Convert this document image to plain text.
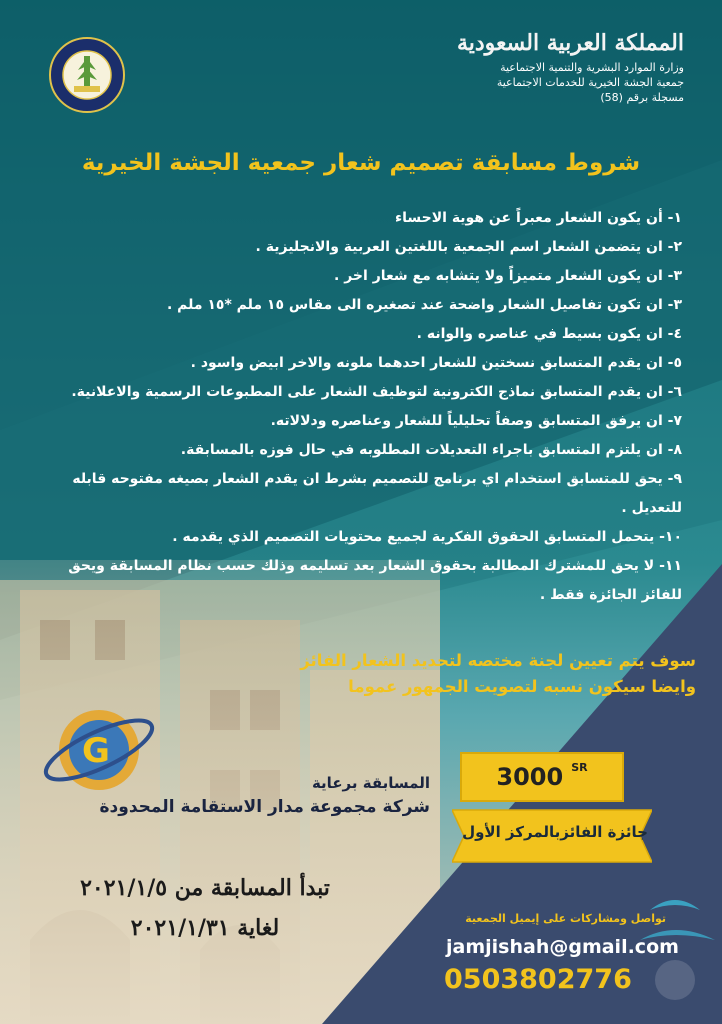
المملكة العربية السعودية
وزارة الموارد البشرية والتنمية الاجتماعية
جمعية الجشة الخيرية للخدمات الاجتماعية
مسجلة برقم (58)
شروط مسابقة تصميم شعار جمعية الجشة الخيرية
١- أن يكون الشعار معبراً عن هوية الاحساء
٢- ان يتضمن الشعار اسم الجمعية باللغتين العربية والانجليزية .
٣- ان يكون الشعار متميزاً ولا يتشابه مع شعار اخر .
٣- ان تكون تفاصيل الشعار واضحة عند تصغيره الى مقاس ١٥ ملم *١٥ ملم .
٤- ان يكون بسيط في عناصره والوانه .
٥- ان يقدم المتسابق نسختين للشعار احدهما ملونه والاخر ابيض واسود .
٦- ان يقدم المتسابق نماذج الكترونية لتوظيف الشعار على المطبوعات الرسمية والاعلانية.
٧- ان يرفق المتسابق وصفاً تحليلياً للشعار وعناصره ودلالاته.
٨- ان يلتزم المتسابق باجراء التعديلات المطلوبه في حال فوزه بالمسابقة.
٩- يحق للمتسابق استخدام اي برنامج للتصميم بشرط ان يقدم الشعار بصيغه مفتوحه قابله للتعديل .
١٠- يتحمل المتسابق الحقوق الفكرية لجميع محتويات التصميم الذي يقدمه .
١١- لا يحق للمشترك المطالبة بحقوق الشعار بعد تسليمه وذلك حسب نظام المسابقة ويحق للفائز الجائزة فقط .
سوف يتم تعيين لجنة مختصه لتحديد الشعار الفائز
وايضا سيكون نسبه لتصويت الجمهور عموما
3000 SR
جائزة الفائزبالمركز الأول
G
المسابقة برعاية
شركة مجموعة مدار الاستقامة المحدودة
تبدأ المسابقة من ٢٠٢١/١/٥
لغاية ٢٠٢١/١/٣١	تواصل ومشاركات على إيميل الجمعية
jamjishah@gmail.com
0503802776
